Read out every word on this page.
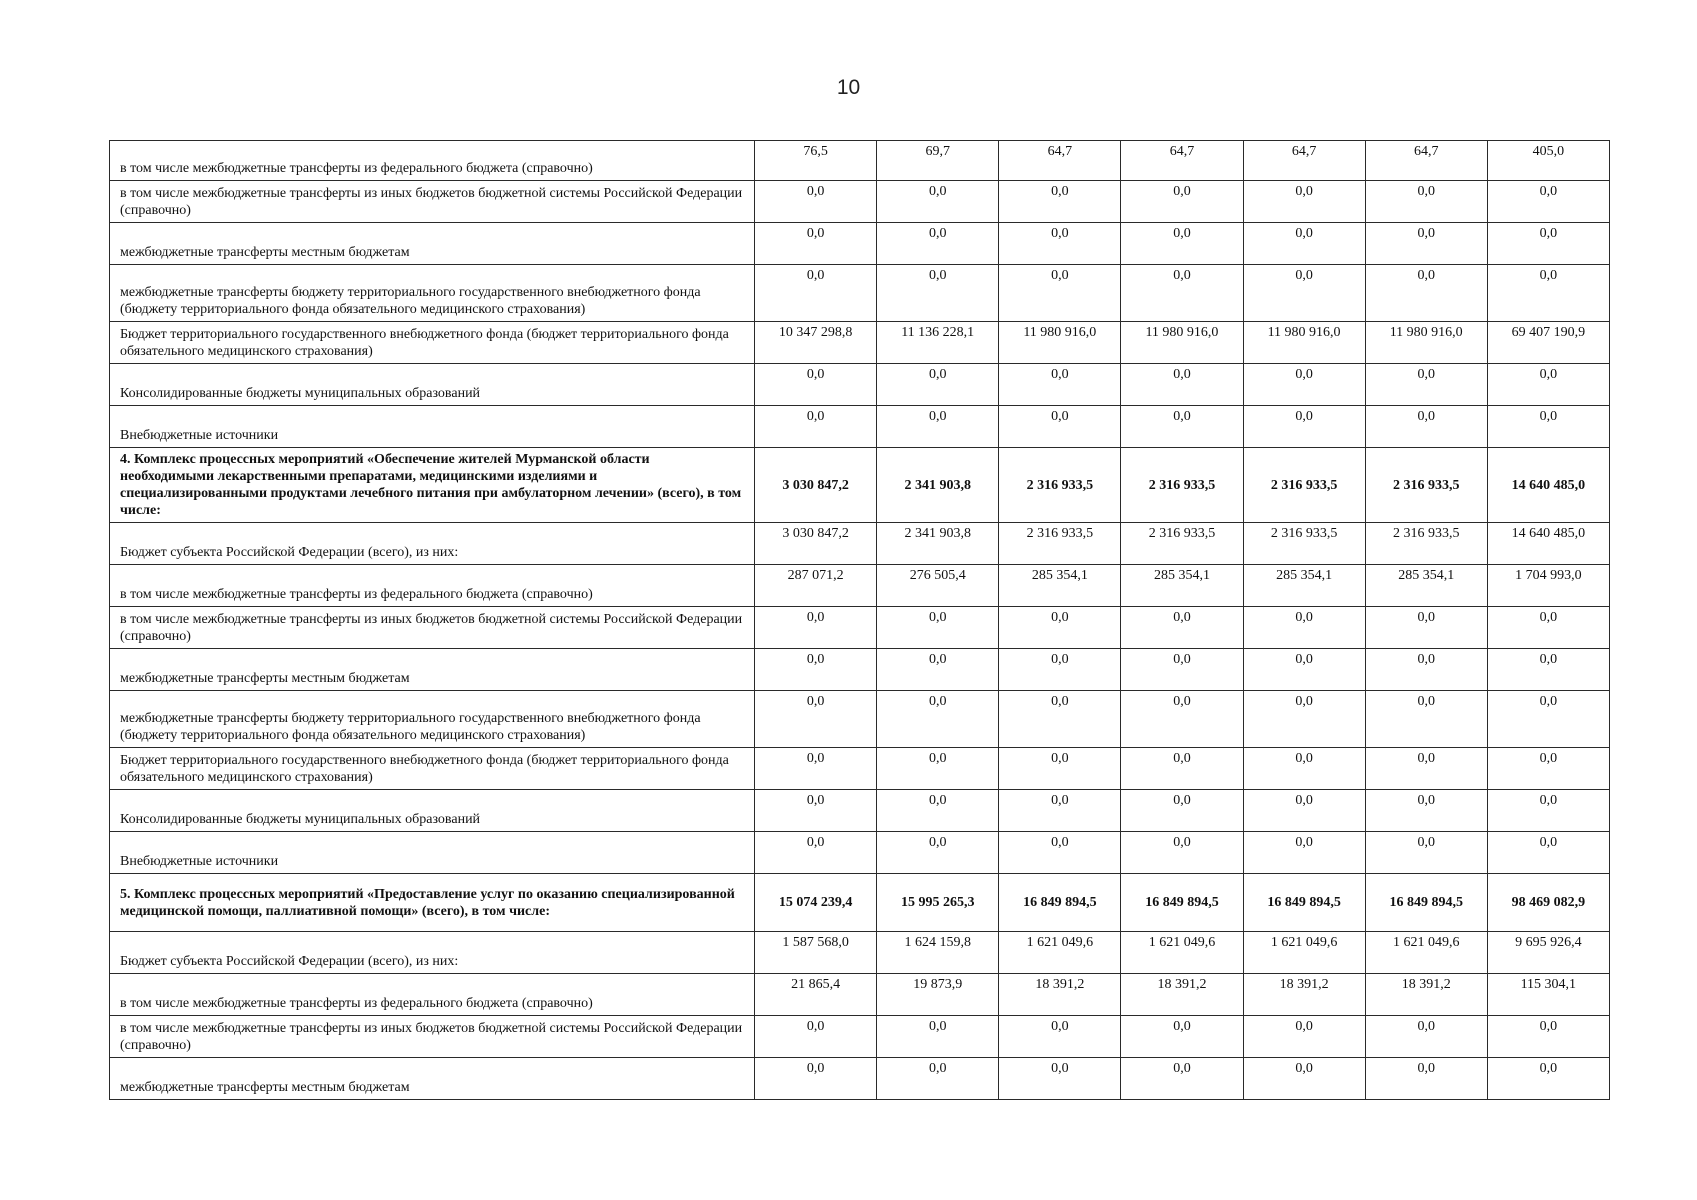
10
в том числе межбюджетные трансферты из федерального бюджета (справочно)	76,5	69,7	64,7	64,7	64,7	64,7	405,0
в том числе межбюджетные трансферты из иных бюджетов бюджетной системы Российской Федерации (справочно)	0,0	0,0	0,0	0,0	0,0	0,0	0,0
межбюджетные трансферты местным бюджетам	0,0	0,0	0,0	0,0	0,0	0,0	0,0
межбюджетные трансферты бюджету территориального государственного внебюджетного фонда (бюджету территориального фонда обязательного медицинского страхования)	0,0	0,0	0,0	0,0	0,0	0,0	0,0
Бюджет территориального государственного внебюджетного фонда (бюджет территориального фонда обязательного медицинского страхования)	10 347 298,8	11 136 228,1	11 980 916,0	11 980 916,0	11 980 916,0	11 980 916,0	69 407 190,9
Консолидированные бюджеты муниципальных образований	0,0	0,0	0,0	0,0	0,0	0,0	0,0
Внебюджетные источники	0,0	0,0	0,0	0,0	0,0	0,0	0,0
4. Комплекс процессных мероприятий «Обеспечение жителей Мурманской области необходимыми лекарственными препаратами, медицинскими изделиями и специализированными продуктами лечебного питания при амбулаторном лечении» (всего), в том числе:	3 030 847,2	2 341 903,8	2 316 933,5	2 316 933,5	2 316 933,5	2 316 933,5	14 640 485,0
Бюджет субъекта Российской Федерации (всего), из них:	3 030 847,2	2 341 903,8	2 316 933,5	2 316 933,5	2 316 933,5	2 316 933,5	14 640 485,0
в том числе межбюджетные трансферты из федерального бюджета (справочно)	287 071,2	276 505,4	285 354,1	285 354,1	285 354,1	285 354,1	1 704 993,0
в том числе межбюджетные трансферты из иных бюджетов бюджетной системы Российской Федерации (справочно)	0,0	0,0	0,0	0,0	0,0	0,0	0,0
межбюджетные трансферты местным бюджетам	0,0	0,0	0,0	0,0	0,0	0,0	0,0
межбюджетные трансферты бюджету территориального государственного внебюджетного фонда (бюджету территориального фонда обязательного медицинского страхования)	0,0	0,0	0,0	0,0	0,0	0,0	0,0
Бюджет территориального государственного внебюджетного фонда (бюджет территориального фонда обязательного медицинского страхования)	0,0	0,0	0,0	0,0	0,0	0,0	0,0
Консолидированные бюджеты муниципальных образований	0,0	0,0	0,0	0,0	0,0	0,0	0,0
Внебюджетные источники	0,0	0,0	0,0	0,0	0,0	0,0	0,0
5. Комплекс процессных мероприятий «Предоставление услуг по оказанию специализированной медицинской помощи, паллиативной помощи» (всего), в том числе:	15 074 239,4	15 995 265,3	16 849 894,5	16 849 894,5	16 849 894,5	16 849 894,5	98 469 082,9
Бюджет субъекта Российской Федерации (всего), из них:	1 587 568,0	1 624 159,8	1 621 049,6	1 621 049,6	1 621 049,6	1 621 049,6	9 695 926,4
в том числе межбюджетные трансферты из федерального бюджета (справочно)	21 865,4	19 873,9	18 391,2	18 391,2	18 391,2	18 391,2	115 304,1
в том числе межбюджетные трансферты из иных бюджетов бюджетной системы Российской Федерации (справочно)	0,0	0,0	0,0	0,0	0,0	0,0	0,0
межбюджетные трансферты местным бюджетам	0,0	0,0	0,0	0,0	0,0	0,0	0,0
